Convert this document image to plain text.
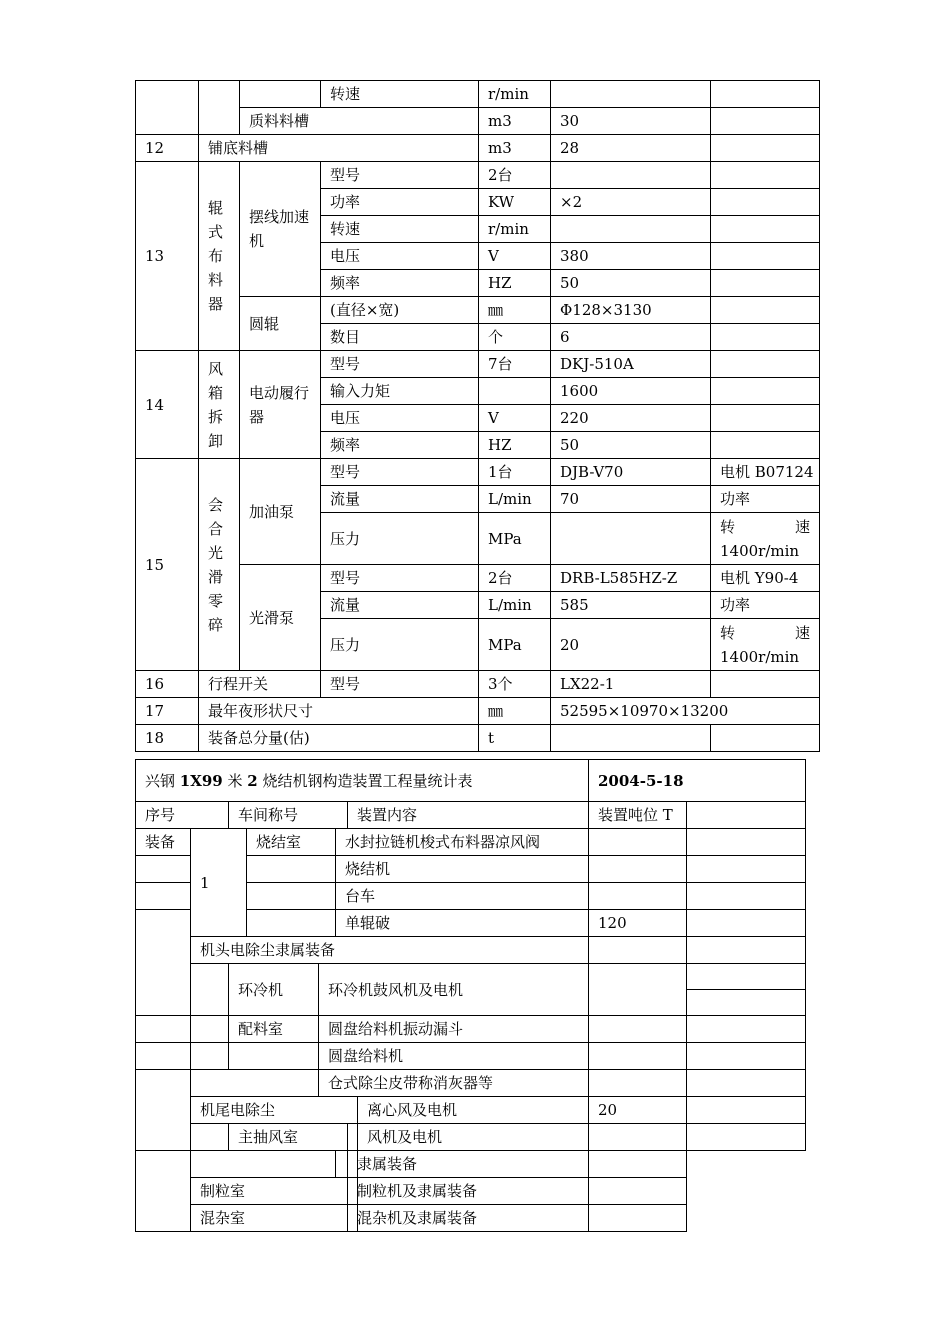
			转速	r/min		
		质料料槽		m3	30	
12	铺底料槽			m3	28	
13	辊式布料器	摆线加速机	型号	2台		
			功率	KW	×2	
			转速	r/min		
			电压	V	380	
			频率	HZ	50	
		圆辊	(直径×宽)	㎜	Φ128×3130	
			数目	个	6	
14	风箱拆卸	电动履行器	型号	7台	DKJ-510A	
			输入力矩		1600	
			电压	V	220	
			频率	HZ	50	
15	会合光滑零碎	加油泵	型号	1台	DJB-V70	电机 B07124
			流量	L/min	70	功率
			压力	MPa		转 速
1400r/min

		光滑泵	型号	2台	DRB-L585HZ-Z	电机 Y90-4
			流量	L/min	585	功率
			压力	MPa	20	转 速
1400r/min

16	行程开关		型号	3个	LX22-1	
17	最年夜形状尺寸			㎜	52595×10970×13200	
18	装备总分量(估)			t		
兴钢 1X99 米 2 烧结机钢构造装置工程量统计表								2004-5-18	
序号		车间称号				装置内容		装置吨位 T	
装备	1		烧结室		水封拉链机梭式布料器凉风阀				
					烧结机				
					台车				
					单辊破			120	
	机头电除尘隶属装备								
		环冷机		环冷机鼓风机及电机					

		配料室		圆盘给料机振动漏斗					
				圆盘给料机					
				仓式除尘皮带称消灰器等					
	机尾电除尘						离心风及电机	20	
		主抽风室					风机及电机		
						隶属装备			
	制粒室					制粒机及隶属装备			
	混杂室					混杂机及隶属装备			
